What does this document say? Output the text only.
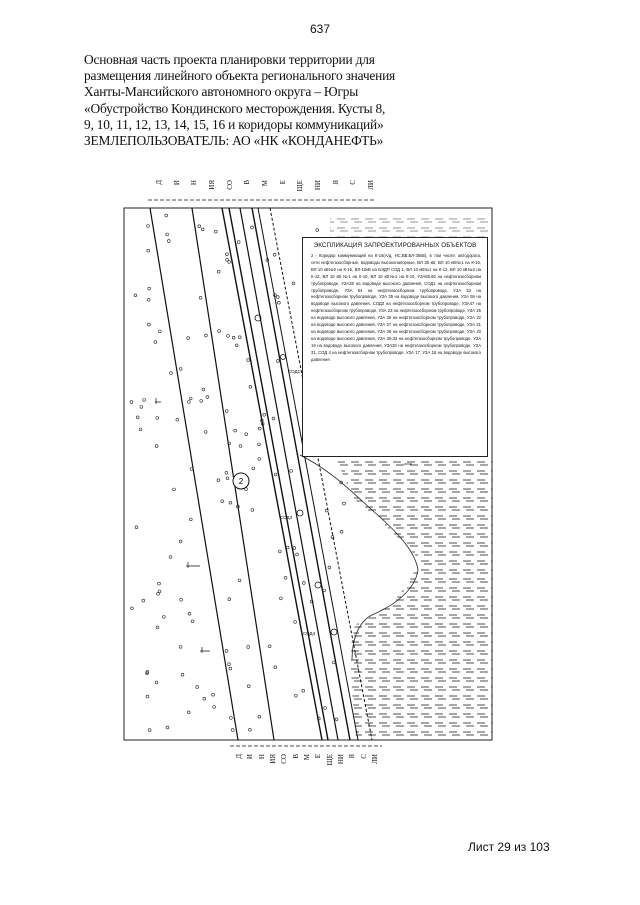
637
Основная часть проекта планировки территории для
размещения линейного объекта регионального значения
Ханты-Мансийского автономного округа – Югры
«Обустройство Кондинского месторождения. Кусты 8,
9, 10, 11, 12, 13, 14, 15, 16 и коридоры коммуникаций»
ЗЕМЛЕПОЛЬЗОВАТЕЛЬ: АО «НК «КОНДАНЕФТЬ»
2
СОД1
СОД3
СОД4
Д И Н ИЯ СО В М Е ЩЕ НИ Я С ЛИ
Д И Н ИЯ СО В М Е ЩЕ НИ Я С ЛИ
ЭКСПЛИКАЦИЯ ЗАПРОЕКТИРОВАННЫХ ОБЪЕКТОВ
2 - Коридор коммуникаций на К-15(А/д, НС,ВВ,ВЛ-35кВ), в том числе: автодорога, сети нефтегазосборные, водоводы высоконапорные, ВЛ 35 кВ, ВЛ 10 кВ№1 на К-15, ВЛ 10 кВ№2 на К-15, ВЛ-10кВ на БЭДП СОД 1, ВЛ 10 кВ№1 на К-12, ВЛ 10 кВ№2 на К-12, ВЛ 10 кВ №1 на К-10, ВЛ 10 кВ№2 на К-10, УЗА65,66 на нефтегазосборном трубопроводе, УЗА28 на водоводе высокого давления, СОД1 на нефтегазосборном трубопроводе, УЗА 54 на нефтегазосборном трубопроводе, УЗА 52 на нефтегазосборном трубопроводе, УЗА 35 на водоводе высокого давления, УЗА 59 на водоводе высокого давления, СОД3 на нефтегазосборном трубопроводе, УЗА47 на нефтегазосборном трубопроводе, УЗА 23 на нефтегазосборном трубопроводе, УЗА 25 на водоводе высокого давления, УЗА 26 на нефтегазосборном трубопроводе, УЗА 22 на водоводе высокого давления, УЗА 27 на нефтегазосборном трубопроводе, УЗА 21 на водоводе высокого давления, УЗА 28 на нефтегазосборном трубопроводе, УЗА 20 на водоводе высокого давления, УЗА 29,32 на нефтегазосборном трубопроводе, УЗА 19 на водоводе высокого давления, УЗА30 на нефтегазосборном трубопроводе, УЗА 31, СОД 4 на нефтегазосборном трубопроводе, УЗА 17, УЗА 18 на водоводе высокого давления
Лист 29 из 103
